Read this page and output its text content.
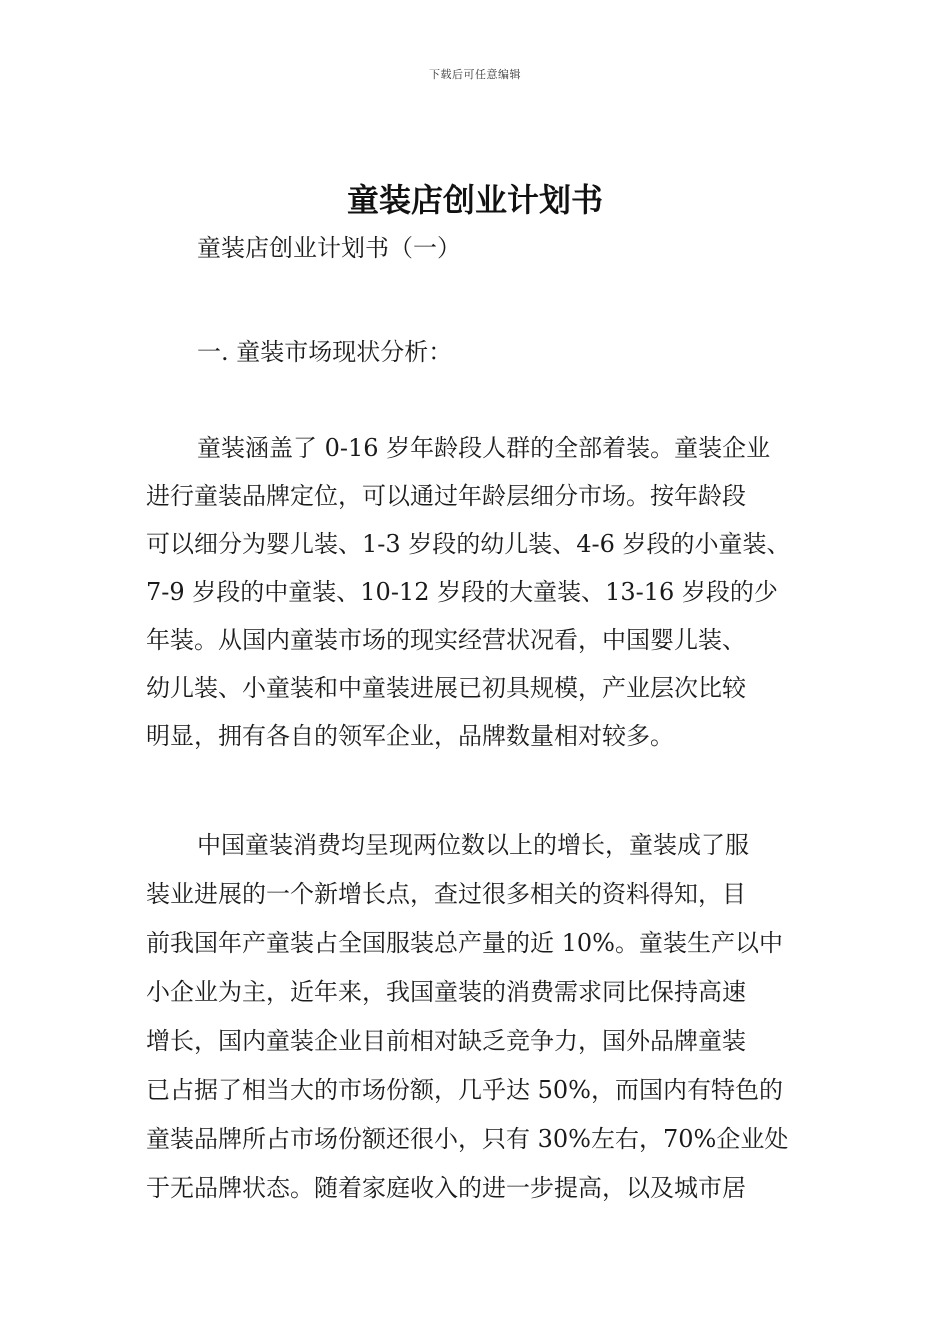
下载后可任意编辑
童装店创业计划书
童装店创业计划书（一）
一. 童装市场现状分析：
童装涵盖了 0-16 岁年龄段人群的全部着装。童装企业
进行童装品牌定位，可以通过年龄层细分市场。按年龄段
可以细分为婴儿装、1-3 岁段的幼儿装、4-6 岁段的小童装、
7-9 岁段的中童装、10-12 岁段的大童装、13-16 岁段的少
年装。从国内童装市场的现实经营状况看，中国婴儿装、
幼儿装、小童装和中童装进展已初具规模，产业层次比较
明显，拥有各自的领军企业，品牌数量相对较多。
中国童装消费均呈现两位数以上的增长，童装成了服
装业进展的一个新增长点，查过很多相关的资料得知，目
前我国年产童装占全国服装总产量的近 10%。童装生产以中
小企业为主，近年来，我国童装的消费需求同比保持高速
增长，国内童装企业目前相对缺乏竞争力，国外品牌童装
已占据了相当大的市场份额，几乎达 50%，而国内有特色的
童装品牌所占市场份额还很小，只有 30%左右，70%企业处
于无品牌状态。随着家庭收入的进一步提高，以及城市居
